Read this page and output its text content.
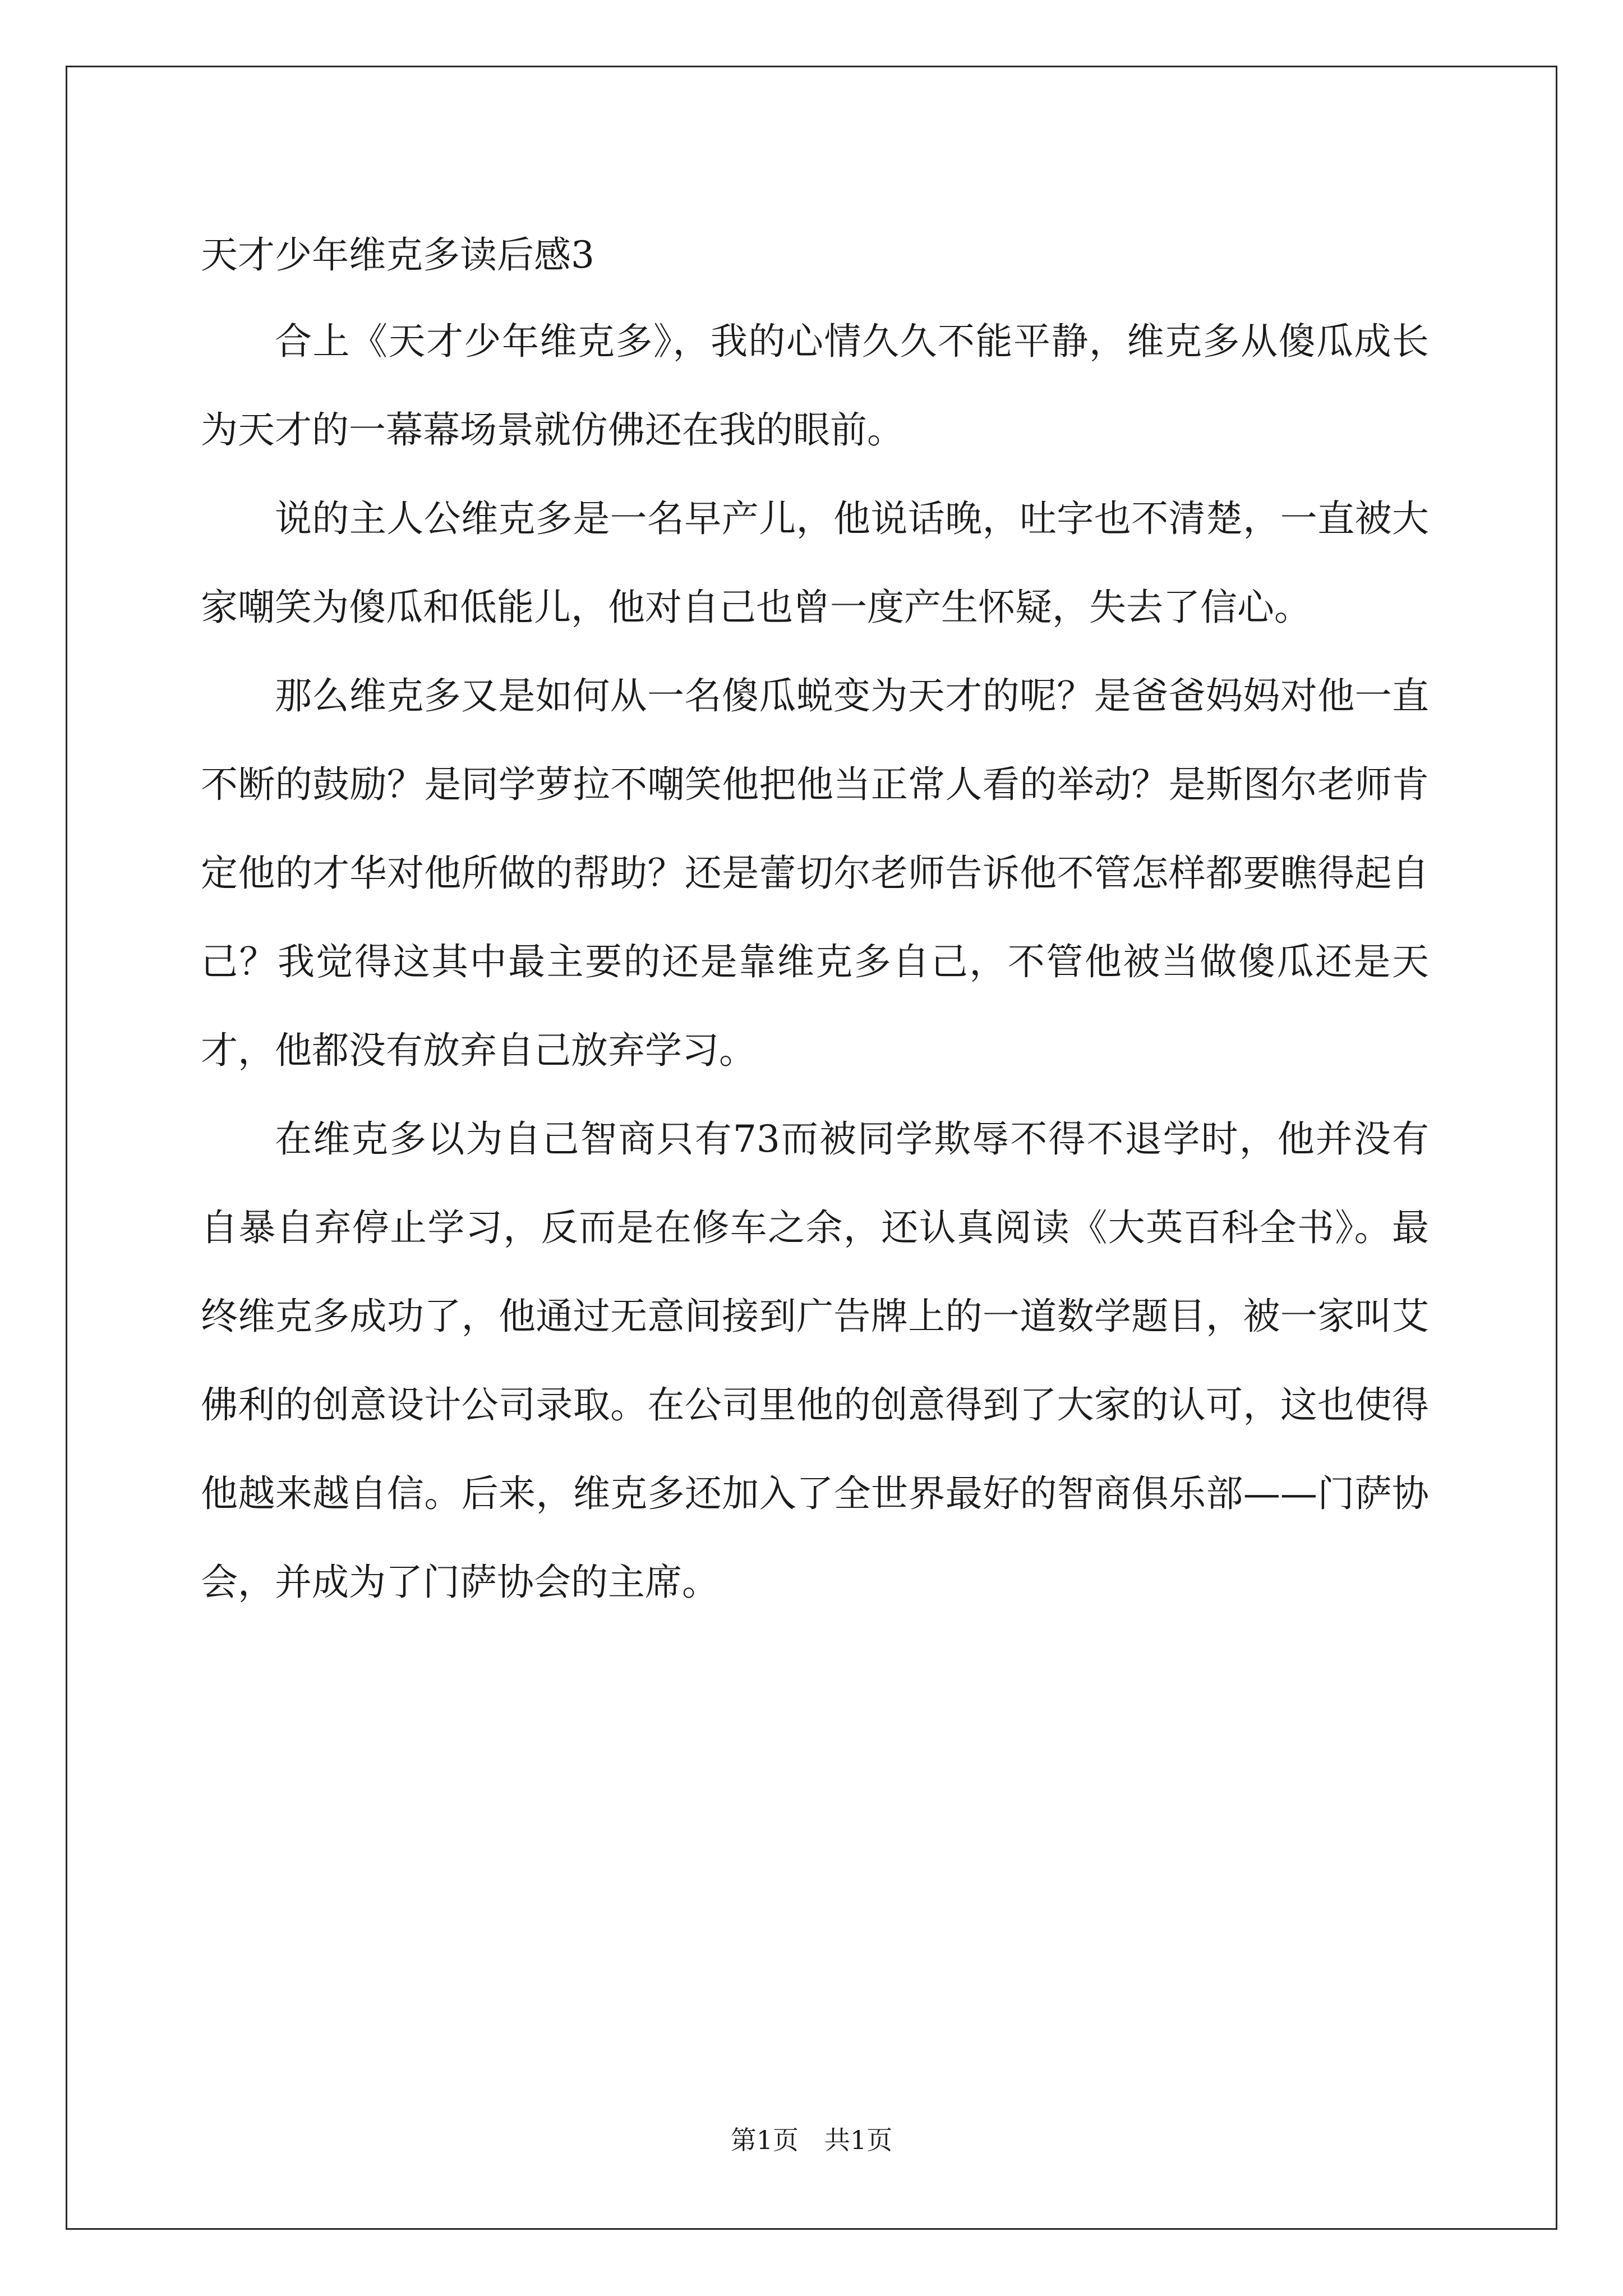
天才少年维克多读后感3

合上《天才少年维克多》，我的心情久久不能平静，维克多从傻瓜成长为天才的一幕幕场景就仿佛还在我的眼前。

说的主人公维克多是一名早产儿，他说话晚，吐字也不清楚，一直被大家嘲笑为傻瓜和低能儿，他对自己也曾一度产生怀疑，失去了信心。

那么维克多又是如何从一名傻瓜蜕变为天才的呢？是爸爸妈妈对他一直不断的鼓励？是同学萝拉不嘲笑他把他当正常人看的举动？是斯图尔老师肯定他的才华对他所做的帮助？还是蕾切尔老师告诉他不管怎样都要瞧得起自己？我觉得这其中最主要的还是靠维克多自己，不管他被当做傻瓜还是天才，他都没有放弃自己放弃学习。

在维克多以为自己智商只有73而被同学欺辱不得不退学时，他并没有自暴自弃停止学习，反而是在修车之余，还认真阅读《大英百科全书》。最终维克多成功了，他通过无意间接到广告牌上的一道数学题目，被一家叫艾佛利的创意设计公司录取。在公司里他的创意得到了大家的认可，这也使得他越来越自信。后来，维克多还加入了全世界最好的智商俱乐部——门萨协会，并成为了门萨协会的主席。

第1页 共1页
